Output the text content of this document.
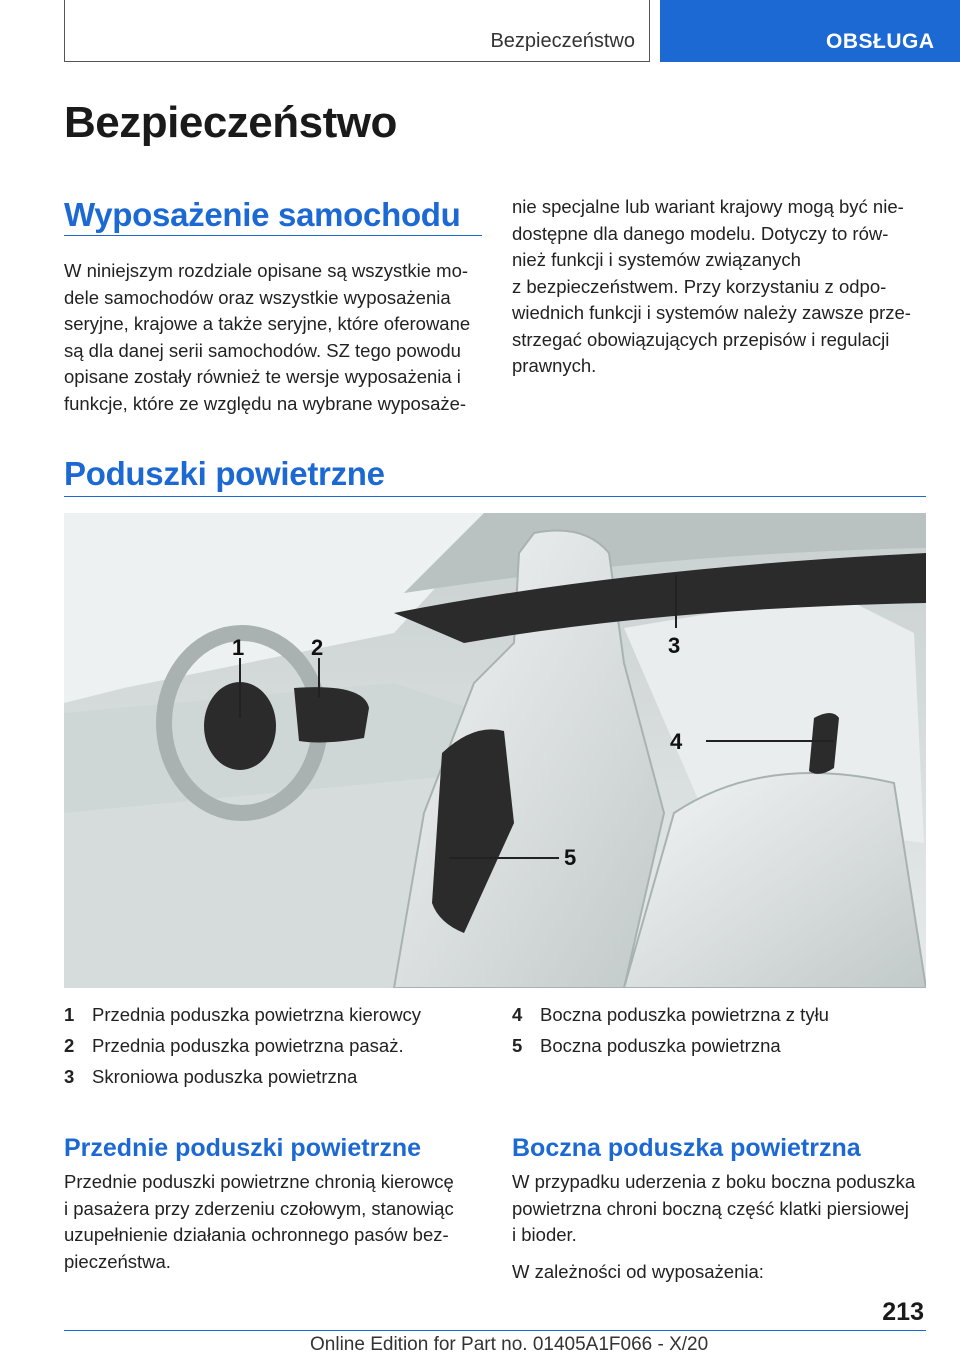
Bezpieczeństwo	OBSŁUGA
Bezpieczeństwo
Wyposażenie samochodu

W niniejszym rozdziale opisane są wszystkie mo‐

dele samochodów oraz wszystkie wyposażenia

seryjne, krajowe a także seryjne, które oferowane

są dla danej serii samochodów. SZ tego powodu

opisane zostały również te wersje wyposażenia i

funkcje, które ze względu na wybrane wyposaże‐

nie specjalne lub wariant krajowy mogą być nie‐

dostępne dla danego modelu. Dotyczy to rów‐

nież funkcji i systemów związanych

z bezpieczeństwem. Przy korzystaniu z odpo‐

wiednich funkcji i systemów należy zawsze prze‐

strzegać obowiązujących przepisów i regulacji

prawnych.

Poduszki powietrzne
1	2	3
4
5
1 Przednia poduszka powietrzna kierowcy
2 Przednia poduszka powietrzna pasaż.
3 Skroniowa poduszka powietrzna
4 Boczna poduszka powietrzna z tyłu
5 Boczna poduszka powietrzna
Przednie poduszki powietrzne

Przednie poduszki powietrzne chronią kierowcę

i pasażera przy zderzeniu czołowym, stanowiąc

uzupełnienie działania ochronnego pasów bez‐

pieczeństwa.

Boczna poduszka powietrzna

W przypadku uderzenia z boku boczna poduszka

powietrzna chroni boczną część klatki piersiowej

i bioder.

W zależności od wyposażenia:

213
Online Edition for Part no. 01405A1F066 - X/20
